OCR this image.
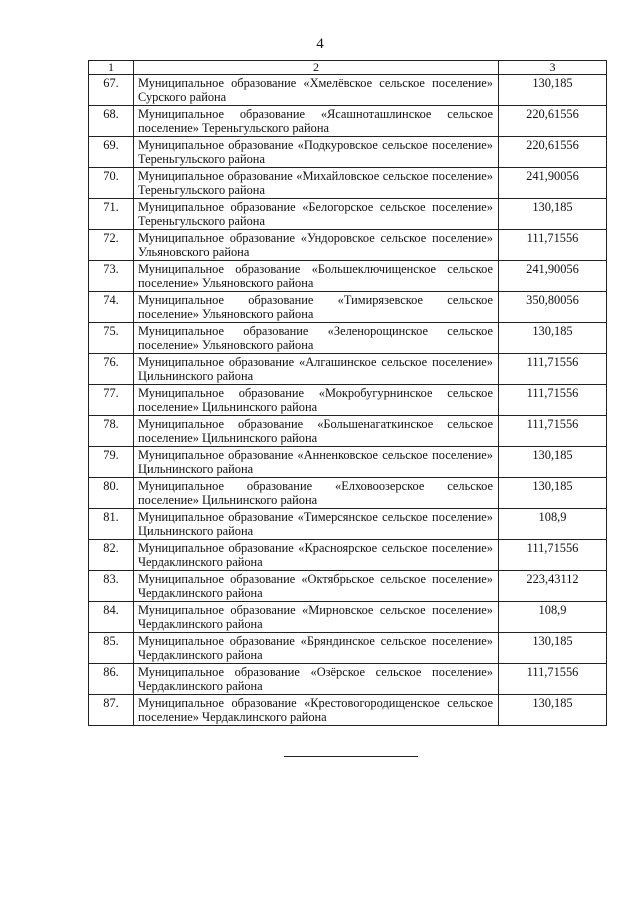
4
1	2	3
67.	Муниципальное образование «Хмелёвское сельское поселение» Сурского района	130,185
68.	Муниципальное образование «Ясашноташлинское сельское поселение» Тереньгульского района	220,61556
69.	Муниципальное образование «Подкуровское сельское поселение» Тереньгульского района	220,61556
70.	Муниципальное образование «Михайловское сельское поселение» Тереньгульского района	241,90056
71.	Муниципальное образование «Белогорское сельское поселение» Тереньгульского района	130,185
72.	Муниципальное образование «Ундоровское сельское поселение» Ульяновского района	111,71556
73.	Муниципальное образование «Большеключищенское сельское поселение» Ульяновского района	241,90056
74.	Муниципальное образование «Тимирязевское сельское поселение» Ульяновского района	350,80056
75.	Муниципальное образование «Зеленорощинское сельское поселение» Ульяновского района	130,185
76.	Муниципальное образование «Алгашинское сельское поселение» Цильнинского района	111,71556
77.	Муниципальное образование «Мокробугурнинское сельское поселение» Цильнинского района	111,71556
78.	Муниципальное образование «Большенагаткинское сельское поселение» Цильнинского района	111,71556
79.	Муниципальное образование «Анненковское сельское поселение» Цильнинского района	130,185
80.	Муниципальное образование «Елховоозерское сельское поселение» Цильнинского района	130,185
81.	Муниципальное образование «Тимерсянское сельское поселение» Цильнинского района	108,9
82.	Муниципальное образование «Красноярское сельское поселение» Чердаклинского района	111,71556
83.	Муниципальное образование «Октябрьское сельское поселение» Чердаклинского района	223,43112
84.	Муниципальное образование «Мирновское сельское поселение» Чердаклинского района	108,9
85.	Муниципальное образование «Бряндинское сельское поселение» Чердаклинского района	130,185
86.	Муниципальное образование «Озёрское сельское поселение» Чердаклинского района	111,71556
87.	Муниципальное образование «Крестовогородищенское сельское поселение» Чердаклинского района	130,185
